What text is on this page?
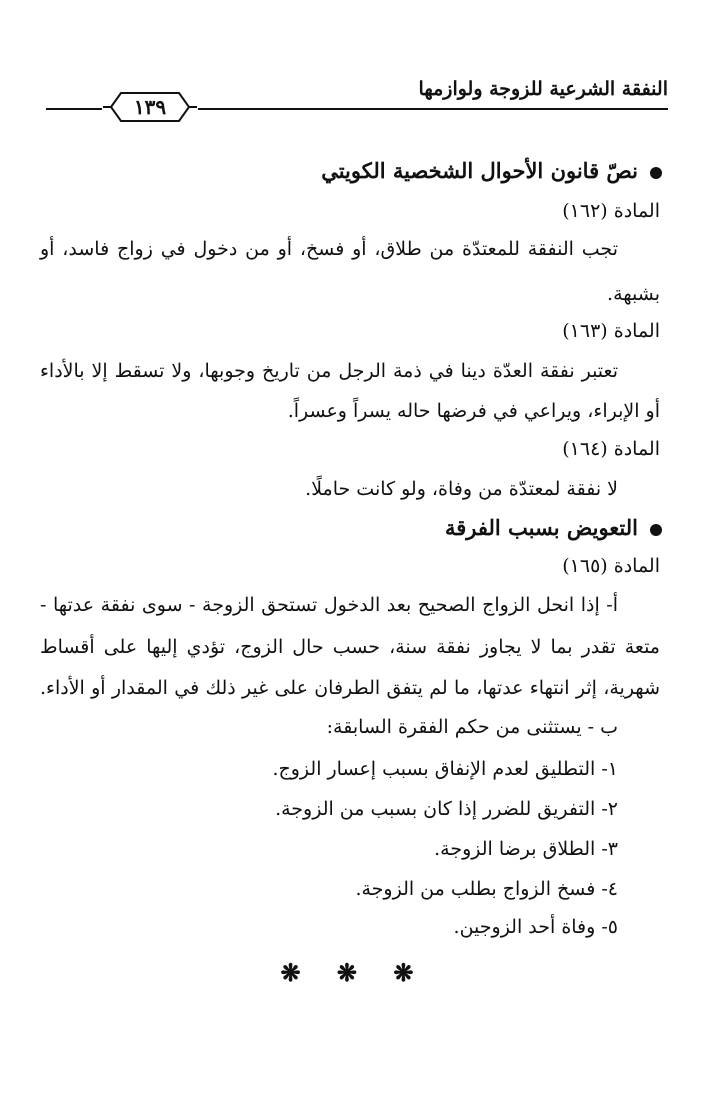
النفقة الشرعية للزوجة ولوازمها
١٣٩
نصّ قانون الأحوال الشخصية الكويتي
المادة (١٦٢)
تجب النفقة للمعتدّة من طلاق، أو فسخ، أو من دخول في زواج فاسد، أو
بشبهة.
المادة (١٦٣)
تعتبر نفقة العدّة دينا في ذمة الرجل من تاريخ وجوبها، ولا تسقط إلا بالأداء
أو الإبراء، ويراعي في فرضها حاله يسراً وعسراً.
المادة (١٦٤)
لا نفقة لمعتدّة من وفاة، ولو كانت حاملًا.
التعويض بسبب الفرقة
المادة (١٦٥)
أ- إذا انحل الزواج الصحيح بعد الدخول تستحق الزوجة - سوى نفقة عدتها -
متعة تقدر بما لا يجاوز نفقة سنة، حسب حال الزوج، تؤدي إليها على أقساط
شهرية، إثر انتهاء عدتها، ما لم يتفق الطرفان على غير ذلك في المقدار أو الأداء.
ب - يستثنى من حكم الفقرة السابقة:
١- التطليق لعدم الإنفاق بسبب إعسار الزوج.
٢- التفريق للضرر إذا كان بسبب من الزوجة.
٣- الطلاق برضا الزوجة.
٤- فسخ الزواج بطلب من الزوجة.
٥- وفاة أحد الزوجين.
❋ ❋ ❋
